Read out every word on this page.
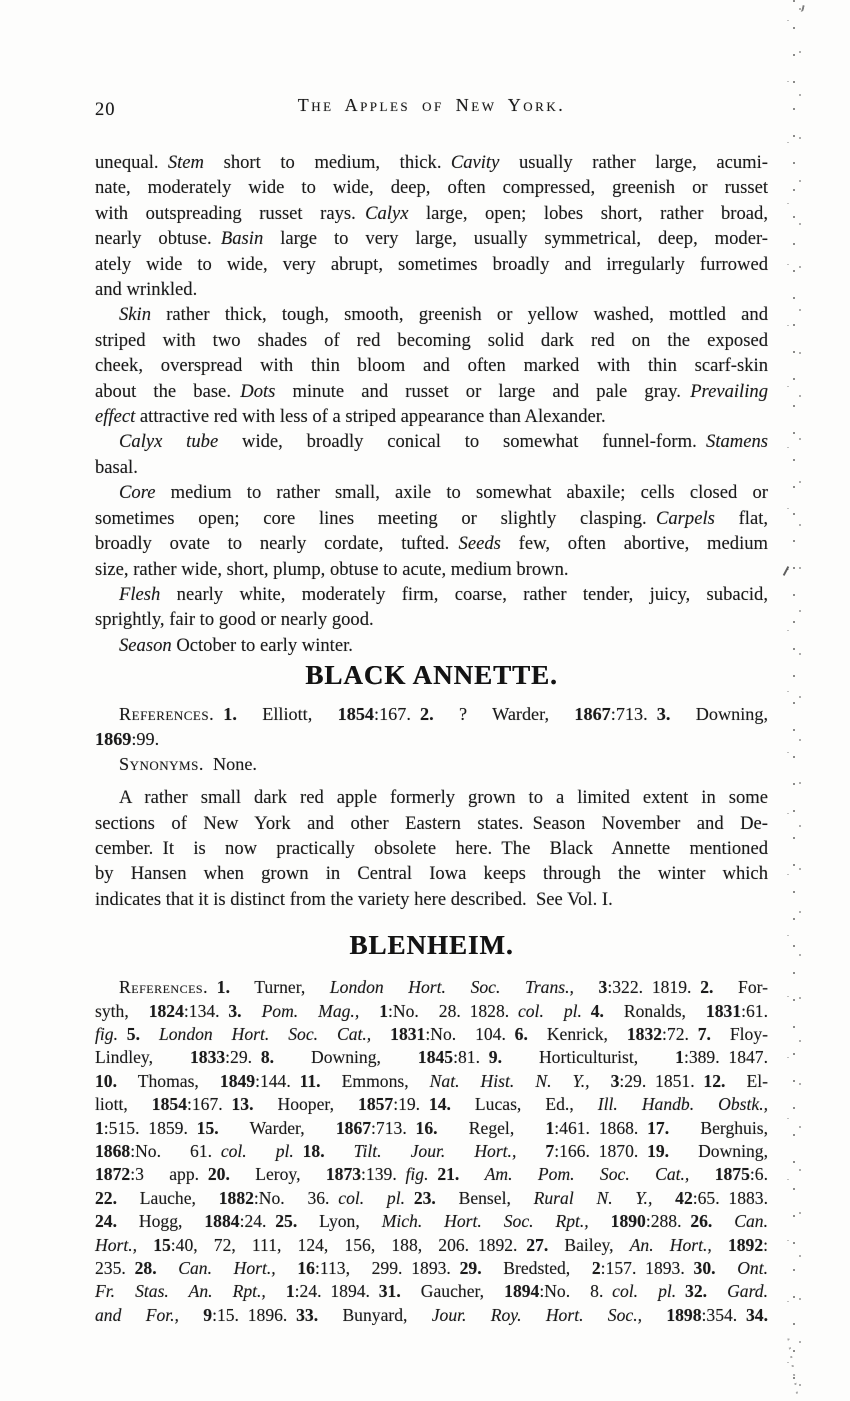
20	The Apples of New York.
unequal. Stem short to medium, thick. Cavity usually rather large, acumi-
nate, moderately wide to wide, deep, often compressed, greenish or russet
with outspreading russet rays. Calyx large, open; lobes short, rather broad,
nearly obtuse. Basin large to very large, usually symmetrical, deep, moder-
ately wide to wide, very abrupt, sometimes broadly and irregularly furrowed
and wrinkled.
Skin rather thick, tough, smooth, greenish or yellow washed, mottled and
striped with two shades of red becoming solid dark red on the exposed
cheek, overspread with thin bloom and often marked with thin scarf-skin
about the base. Dots minute and russet or large and pale gray. Prevailing
effect attractive red with less of a striped appearance than Alexander.
Calyx tube wide, broadly conical to somewhat funnel-form. Stamens
basal.
Core medium to rather small, axile to somewhat abaxile; cells closed or
sometimes open; core lines meeting or slightly clasping. Carpels flat,
broadly ovate to nearly cordate, tufted. Seeds few, often abortive, medium
size, rather wide, short, plump, obtuse to acute, medium brown.
Flesh nearly white, moderately firm, coarse, rather tender, juicy, subacid,
sprightly, fair to good or nearly good.
Season October to early winter.
BLACK ANNETTE.
References.  1. Elliott, 1854:167. 2. ? Warder, 1867:713. 3. Downing,
1869:99.
Synonyms. None.
A rather small dark red apple formerly grown to a limited extent in some
sections of New York and other Eastern states. Season November and De-
cember. It is now practically obsolete here. The Black Annette mentioned
by Hansen when grown in Central Iowa keeps through the winter which
indicates that it is distinct from the variety here described. See Vol. I.
BLENHEIM.
References.  1. Turner, London Hort. Soc. Trans., 3:322. 1819. 2. For-
syth, 1824:134. 3. Pom. Mag., 1:No. 28. 1828. col. pl.  4. Ronalds, 1831:61.
fig.  5. London Hort. Soc. Cat., 1831:No. 104. 6. Kenrick, 1832:72. 7. Floy-
Lindley, 1833:29. 8. Downing, 1845:81. 9. Horticulturist, 1:389. 1847.
10. Thomas, 1849:144. 11. Emmons, Nat. Hist. N. Y., 3:29. 1851. 12. El-
liott, 1854:167. 13. Hooper, 1857:19. 14. Lucas, Ed., Ill. Handb. Obstk.,
1:515. 1859. 15. Warder, 1867:713. 16. Regel, 1:461. 1868. 17. Berghuis,
1868:No. 61. col. pl.  18. Tilt. Jour. Hort., 7:166. 1870. 19. Downing,
1872:3 app. 20. Leroy, 1873:139. fig.  21. Am. Pom. Soc. Cat., 1875:6.
22. Lauche, 1882:No. 36. col. pl.  23. Bensel, Rural N. Y., 42:65. 1883.
24. Hogg, 1884:24. 25. Lyon, Mich. Hort. Soc. Rpt., 1890:288. 26. Can.
Hort., 15:40, 72, 111, 124, 156, 188, 206. 1892. 27. Bailey, An. Hort., 1892:
235. 28. Can. Hort., 16:113, 299. 1893. 29. Bredsted, 2:157. 1893. 30. Ont.
Fr. Stas. An. Rpt., 1:24. 1894. 31. Gaucher, 1894:No. 8. col. pl.  32. Gard.
and For., 9:15. 1896. 33. Bunyard, Jour. Roy. Hort. Soc., 1898:354. 34.
